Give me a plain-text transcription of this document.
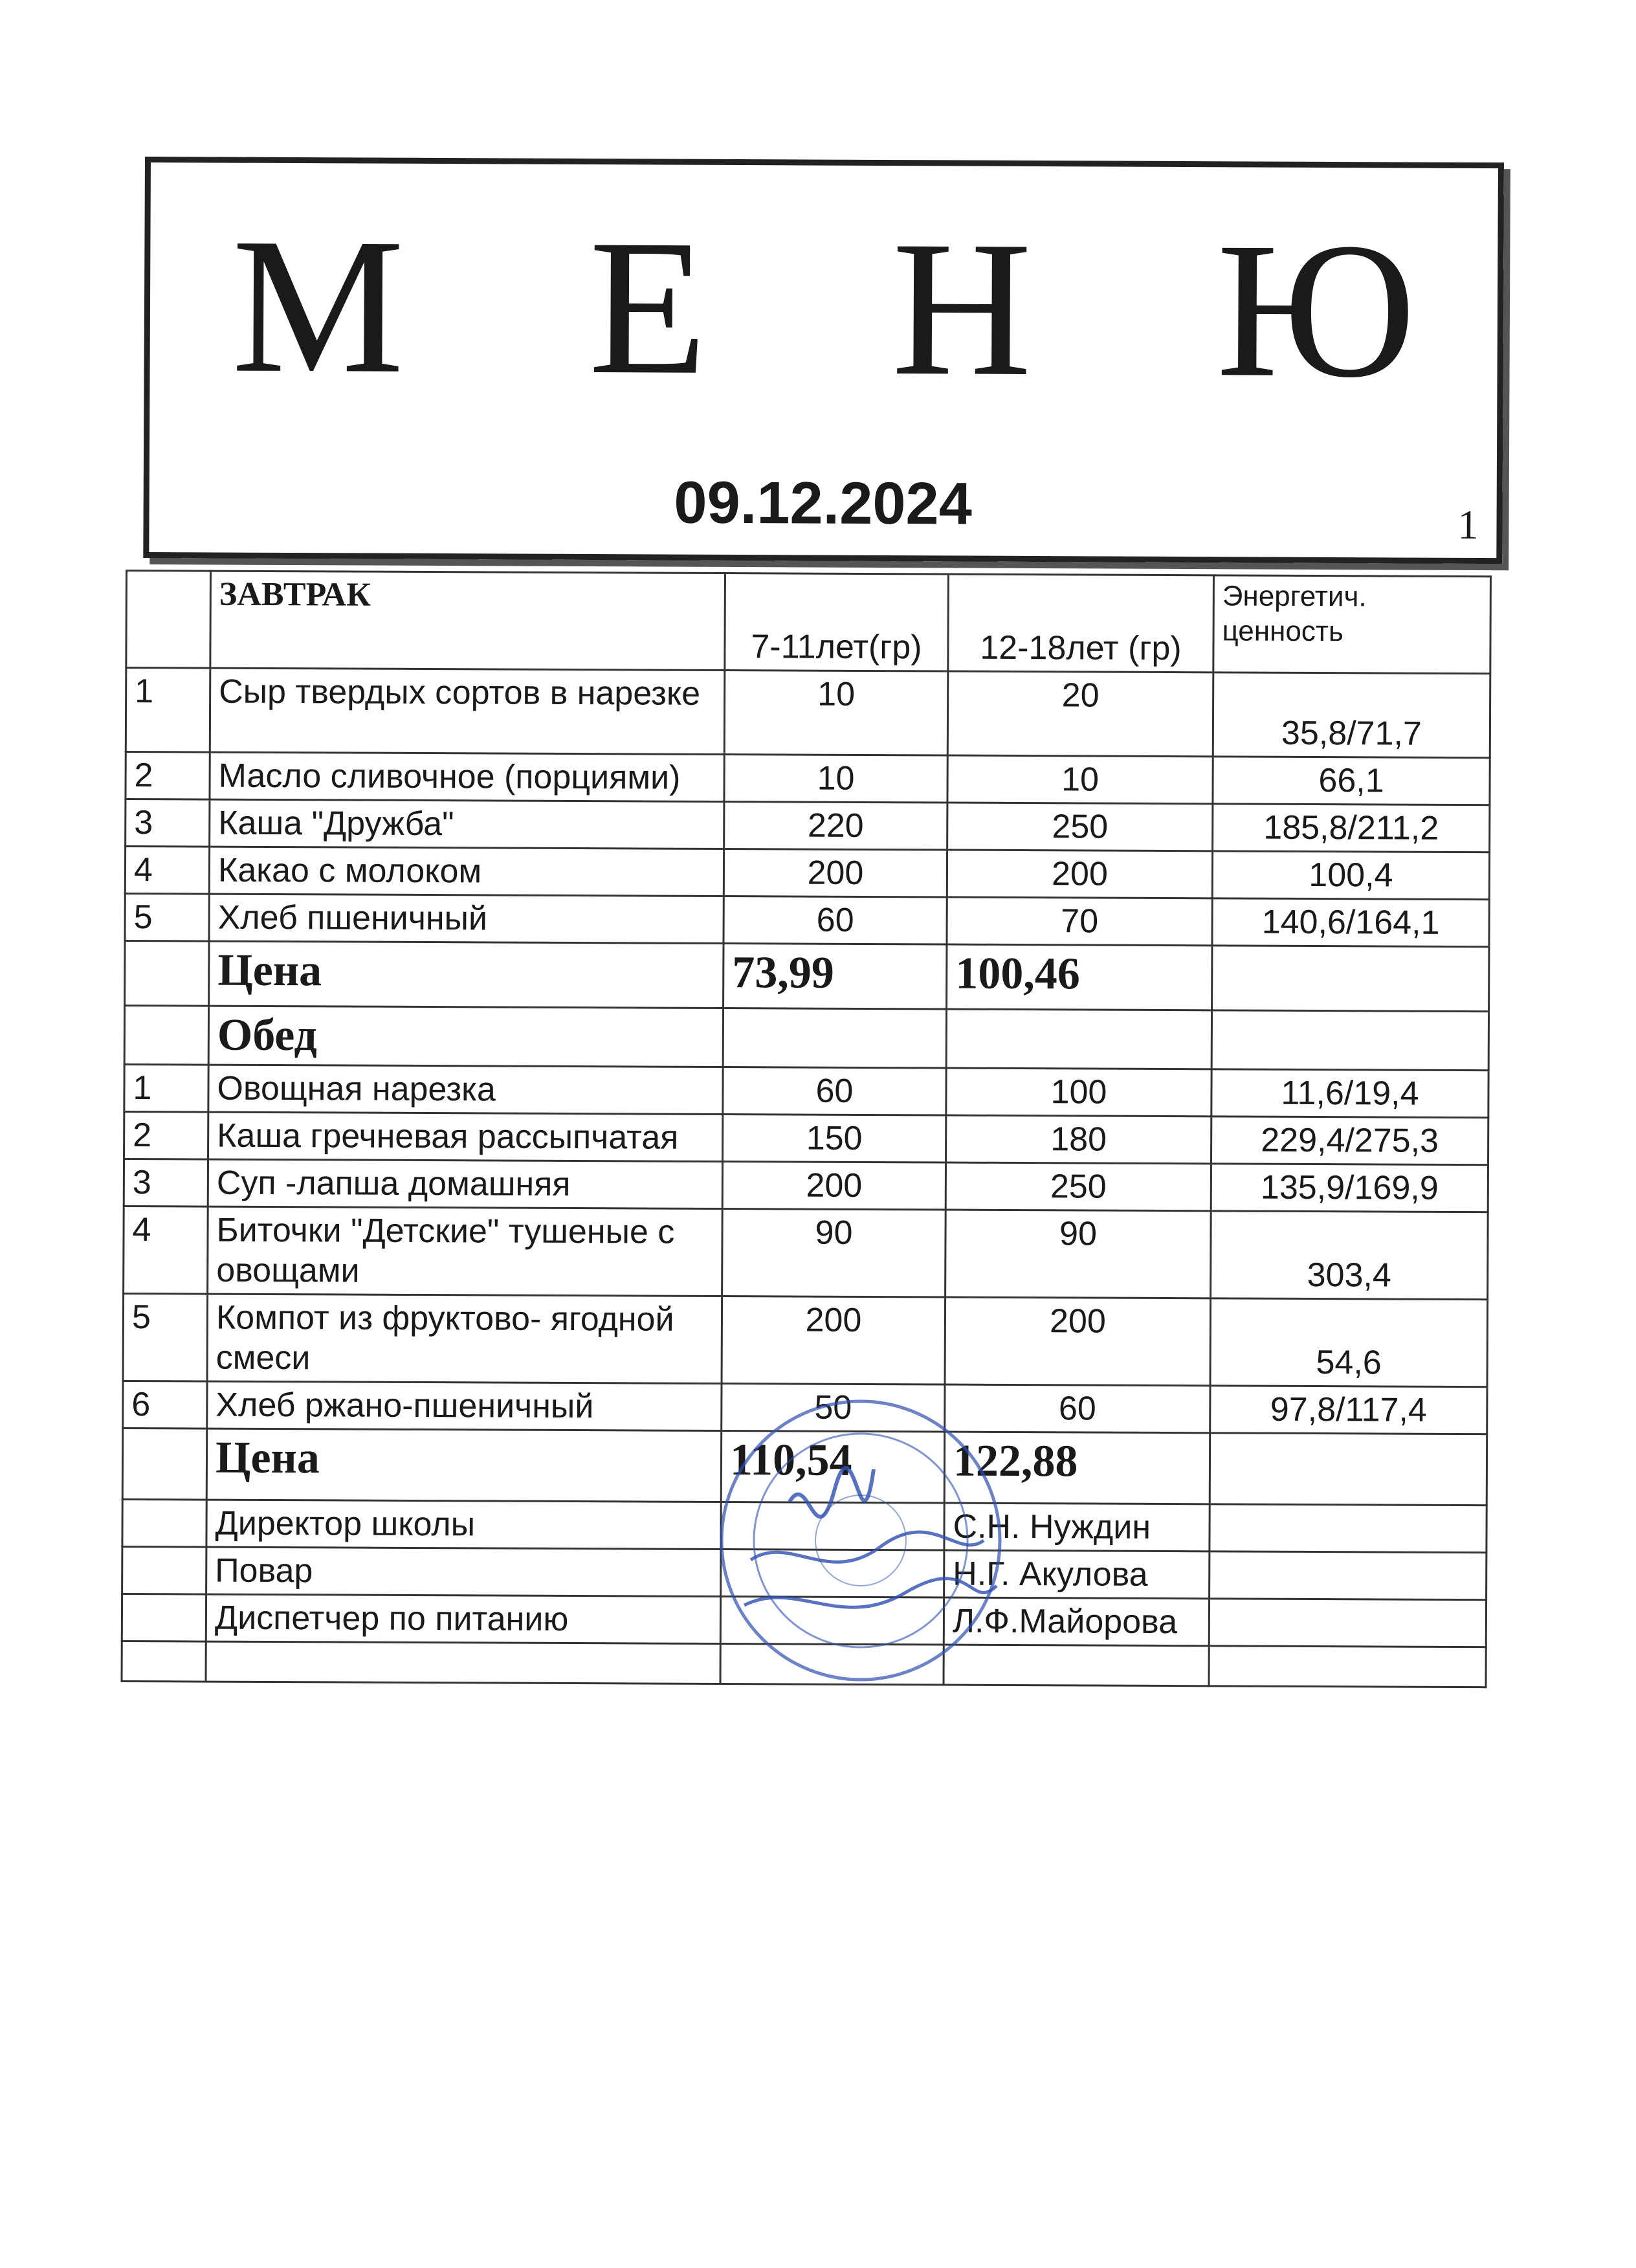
М Е Н Ю
09.12.2024	1
	ЗАВТРАК	7-11лет(гр)	12-18лет (гр)	Энергетич. ценность
1	Сыр твердых сортов в нарезке	10	20	35,8/71,7
2	Масло сливочное (порциями)	10	10	66,1
3	Каша "Дружба"	220	250	185,8/211,2
4	Какао с молоком	200	200	100,4
5	Хлеб пшеничный	60	70	140,6/164,1
	Цена	73,99	100,46	
	Обед			
1	Овощная нарезка	60	100	11,6/19,4
2	Каша гречневая рассыпчатая	150	180	229,4/275,3
3	Суп -лапша домашняя	200	250	135,9/169,9
4	Биточки "Детские" тушеные с овощами	90	90	303,4
5	Компот из фруктово- ягодной смеси	200	200	54,6
6	Хлеб ржано-пшеничный	50	60	97,8/117,4
	Цена	110,54	122,88	
	Директор школы		С.Н. Нуждин	
	Повар		Н.Г. Акулова	
	Диспетчер по питанию		Л.Ф.Майорова	
